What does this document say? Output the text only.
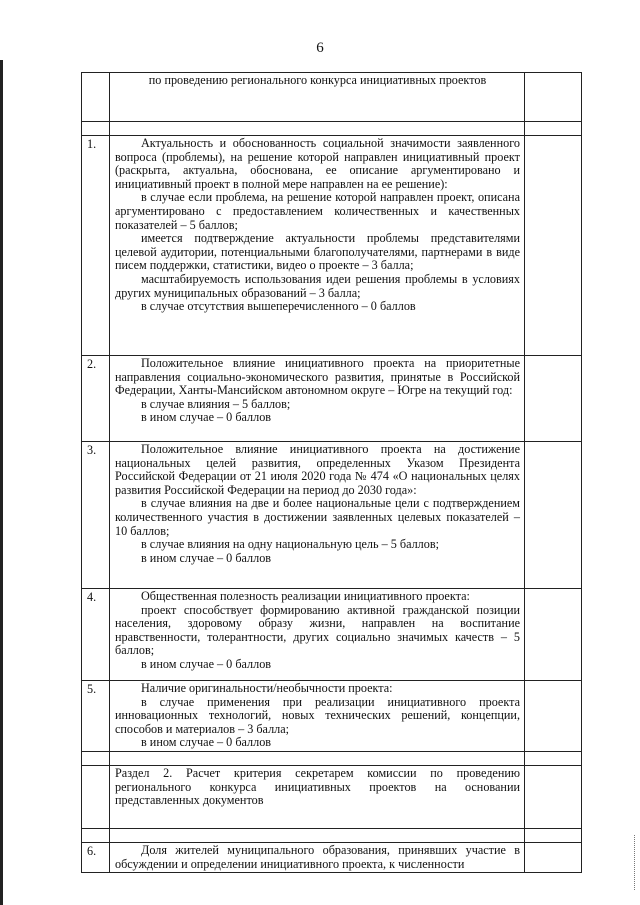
6

	по проведению регионального конкурса инициативных проектов	

1.	Актуальность и обоснованность социальной значимости заявленного вопроса (проблемы), на решение которой направлен инициативный проект (раскрыта, актуальна, обоснована, ее описание аргументировано и инициативный проект в полной мере направлен на ее решение):

в случае если проблема, на решение которой направлен проект, описана аргументировано с предоставлением количественных и качественных показателей – 5 баллов;

имеется подтверждение актуальности проблемы представителями целевой аудитории, потенциальными благополучателями, партнерами в виде писем поддержки, статистики, видео о проекте – 3 балла;

масштабируемость использования идеи решения проблемы в условиях других муниципальных образований – 3 балла;

в случае отсутствия вышеперечисленного – 0 баллов	

2.	Положительное влияние инициативного проекта на приоритетные направления социально-экономического развития, принятые в Российской Федерации, Ханты-Мансийском автономном округе – Югре на текущий год:

в случае влияния – 5 баллов;

в ином случае – 0 баллов	

3.	Положительное влияние инициативного проекта на достижение национальных целей развития, определенных Указом Президента Российской Федерации от 21 июля 2020 года № 474 «О национальных целях развития Российской Федерации на период до 2030 года»:

в случае влияния на две и более национальные цели с подтверждением количественного участия в достижении заявленных целевых показателей – 10 баллов;

в случае влияния на одну национальную цель – 5 баллов;

в ином случае – 0 баллов	

4.	Общественная полезность реализации инициативного проекта:

проект способствует формированию активной гражданской позиции населения, здоровому образу жизни, направлен на воспитание нравственности, толерантности, других социально значимых качеств – 5 баллов;

в ином случае – 0 баллов	

5.	Наличие оригинальности/необычности проекта:

в случае применения при реализации инициативного проекта инновационных технологий, новых технических решений, концепции, способов и материалов – 3 балла;

в ином случае – 0 баллов	

	Раздел 2. Расчет критерия секретарем комиссии по проведению регионального конкурса инициативных проектов на основании представленных документов	

6.	Доля жителей муниципального образования, принявших участие в обсуждении и определении инициативного проекта, к численности	
